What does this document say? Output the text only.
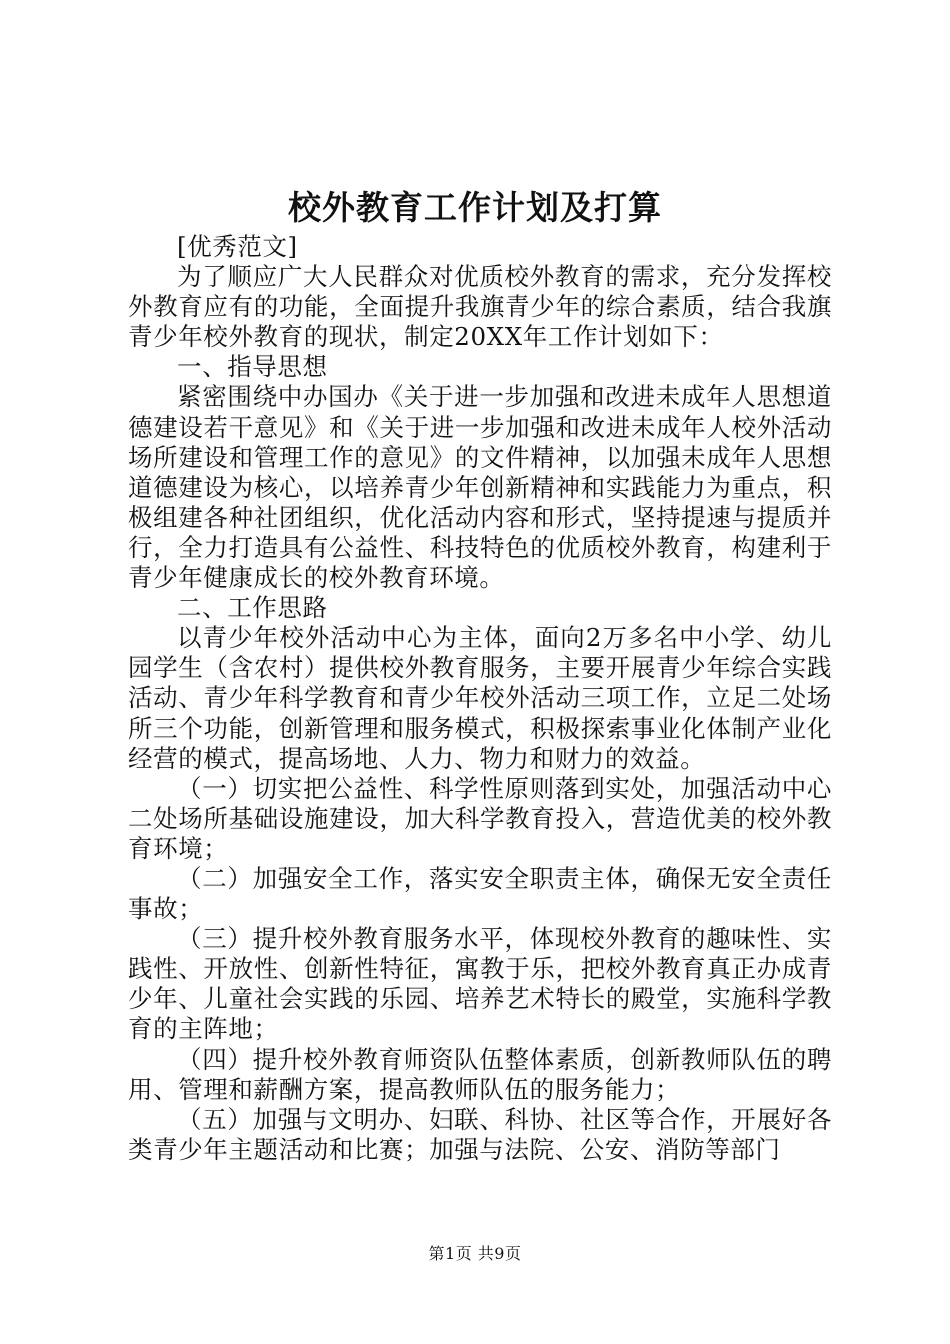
校外教育工作计划及打算

[优秀范文]

为了顺应广大人民群众对优质校外教育的需求，充分发挥校外教育应有的功能，全面提升我旗青少年的综合素质，结合我旗青少年校外教育的现状，制定20XX年工作计划如下：

一、指导思想

紧密围绕中办国办《关于进一步加强和改进未成年人思想道德建设若干意见》和《关于进一步加强和改进未成年人校外活动场所建设和管理工作的意见》的文件精神，以加强未成年人思想道德建设为核心，以培养青少年创新精神和实践能力为重点，积极组建各种社团组织，优化活动内容和形式，坚持提速与提质并行，全力打造具有公益性、科技特色的优质校外教育，构建利于青少年健康成长的校外教育环境。

二、工作思路

以青少年校外活动中心为主体，面向2万多名中小学、幼儿园学生（含农村）提供校外教育服务，主要开展青少年综合实践活动、青少年科学教育和青少年校外活动三项工作，立足二处场所三个功能，创新管理和服务模式，积极探索事业化体制产业化经营的模式，提高场地、人力、物力和财力的效益。

（一）切实把公益性、科学性原则落到实处，加强活动中心二处场所基础设施建设，加大科学教育投入，营造优美的校外教育环境；

（二）加强安全工作，落实安全职责主体，确保无安全责任事故；

（三）提升校外教育服务水平，体现校外教育的趣味性、实践性、开放性、创新性特征，寓教于乐，把校外教育真正办成青少年、儿童社会实践的乐园、培养艺术特长的殿堂，实施科学教育的主阵地；

（四）提升校外教育师资队伍整体素质，创新教师队伍的聘用、管理和薪酬方案，提高教师队伍的服务能力；

（五）加强与文明办、妇联、科协、社区等合作，开展好各类青少年主题活动和比赛；加强与法院、公安、消防等部门

第1页 共9页
